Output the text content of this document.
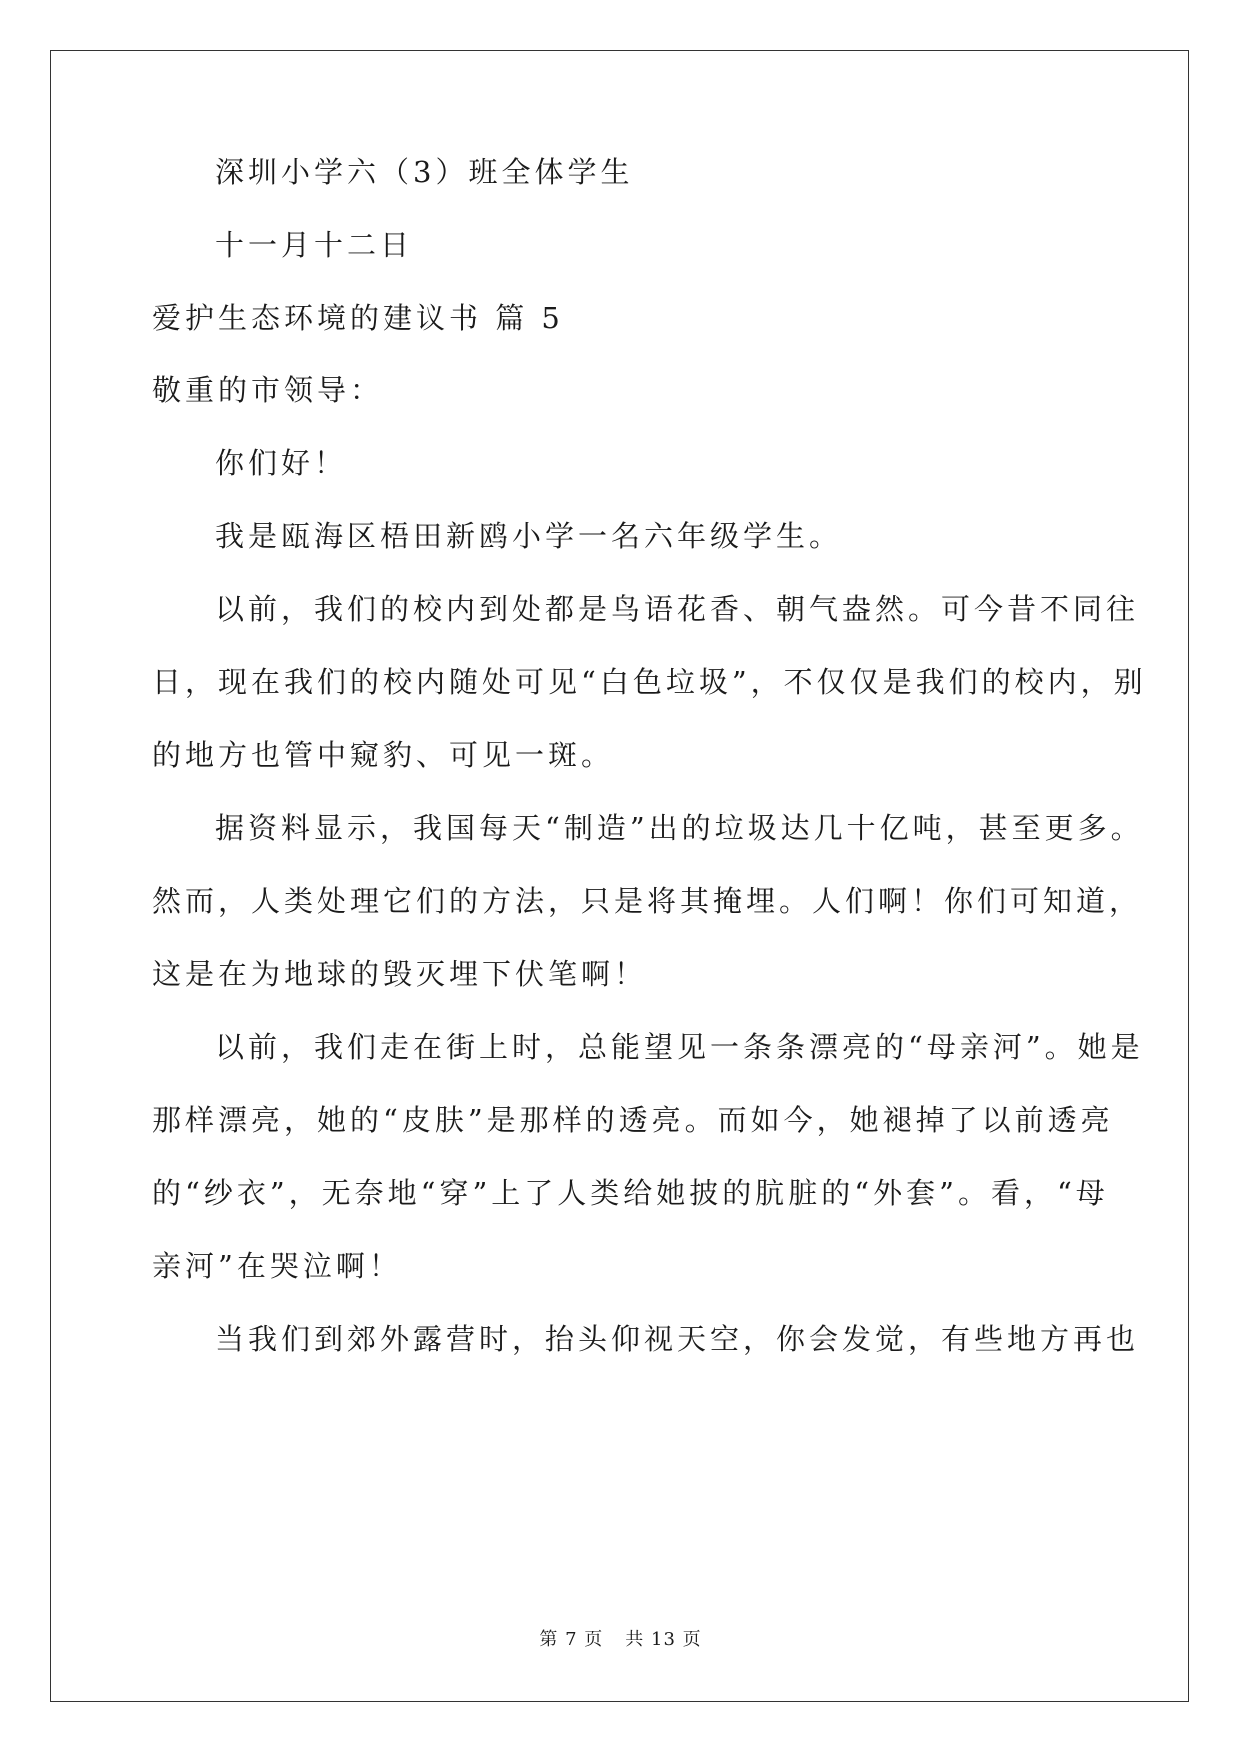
深圳小学六（3）班全体学生
十一月十二日
爱护生态环境的建议书 篇 5
敬重的市领导：
你们好！
我是瓯海区梧田新鸥小学一名六年级学生。
以前，我们的校内到处都是鸟语花香、朝气盎然。可今昔不同往
日，现在我们的校内随处可见“白色垃圾”，不仅仅是我们的校内，别
的地方也管中窥豹、可见一斑。
据资料显示，我国每天“制造”出的垃圾达几十亿吨，甚至更多。
然而，人类处理它们的方法，只是将其掩埋。人们啊！你们可知道，
这是在为地球的毁灭埋下伏笔啊！
以前，我们走在街上时，总能望见一条条漂亮的“母亲河”。她是
那样漂亮，她的“皮肤”是那样的透亮。而如今，她褪掉了以前透亮
的“纱衣”，无奈地“穿”上了人类给她披的肮脏的“外套”。看，“母
亲河”在哭泣啊！
当我们到郊外露营时，抬头仰视天空，你会发觉，有些地方再也
第 7 页 共 13 页
